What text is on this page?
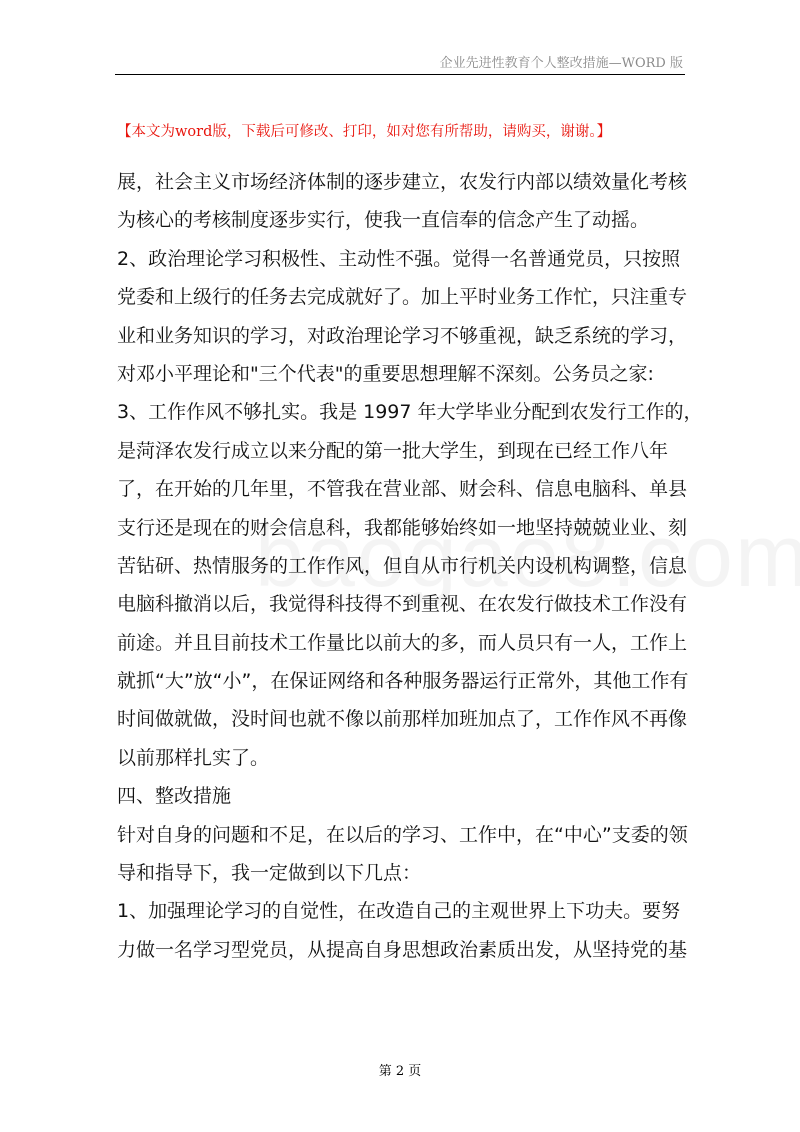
企业先进性教育个人整改措施—WORD 版
【本文为word版，下载后可修改、打印，如对您有所帮助，请购买，谢谢。】
展，社会主义市场经济体制的逐步建立，农发行内部以绩效量化考核
为核心的考核制度逐步实行，使我一直信奉的信念产生了动摇。
2、政治理论学习积极性、主动性不强。觉得一名普通党员，只按照
党委和上级行的任务去完成就好了。加上平时业务工作忙，只注重专
业和业务知识的学习，对政治理论学习不够重视，缺乏系统的学习，
对邓小平理论和"三个代表"的重要思想理解不深刻。公务员之家:
3、工作作风不够扎实。我是 1997 年大学毕业分配到农发行工作的，
是菏泽农发行成立以来分配的第一批大学生，到现在已经工作八年
了，在开始的几年里，不管我在营业部、财会科、信息电脑科、单县
支行还是现在的财会信息科，我都能够始终如一地坚持兢兢业业、刻
苦钻研、热情服务的工作作风，但自从市行机关内设机构调整，信息
电脑科撤消以后，我觉得科技得不到重视、在农发行做技术工作没有
前途。并且目前技术工作量比以前大的多，而人员只有一人，工作上
就抓“大”放“小”，在保证网络和各种服务器运行正常外，其他工作有
时间做就做，没时间也就不像以前那样加班加点了，工作作风不再像
以前那样扎实了。
四、整改措施
针对自身的问题和不足，在以后的学习、工作中，在“中心”支委的领
导和指导下，我一定做到以下几点：
1、加强理论学习的自觉性，在改造自己的主观世界上下功夫。要努
力做一名学习型党员，从提高自身思想政治素质出发，从坚持党的基
第 2 页
